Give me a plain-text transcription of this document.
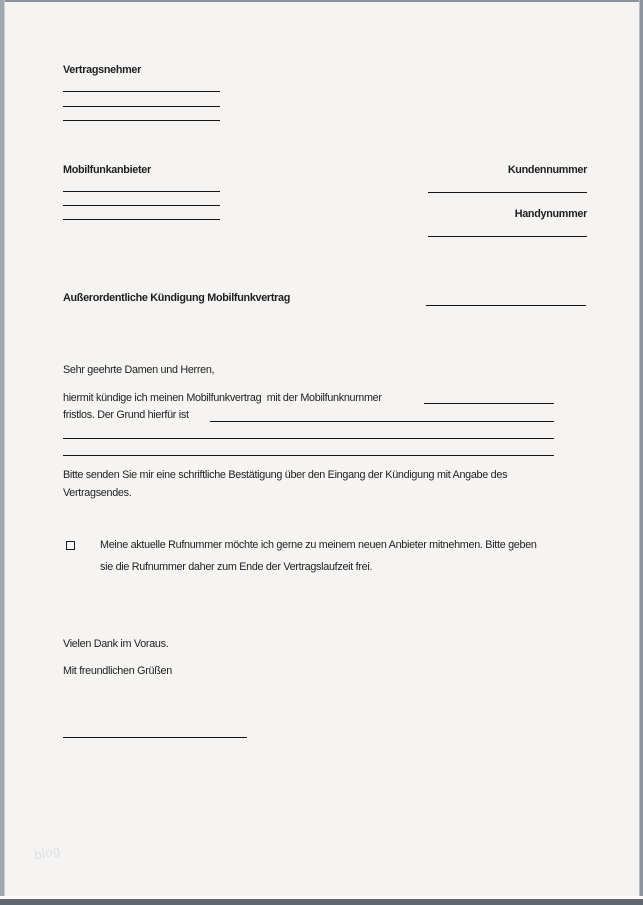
Vertragsnehmer
Mobilfunkanbieter	Kundennummer
Handynummer
Außerordentliche Kündigung Mobilfunkvertrag
Sehr geehrte Damen und Herren,
hiermit kündige ich meinen Mobilfunkvertrag  mit der Mobilfunknummer
fristlos. Der Grund hierfür ist
Bitte senden Sie mir eine schriftliche Bestätigung über den Eingang der Kündigung mit Angabe des
Vertragsendes.
Meine aktuelle Rufnummer möchte ich gerne zu meinem neuen Anbieter mitnehmen. Bitte geben
sie die Rufnummer daher zum Ende der Vertragslaufzeit frei.
Vielen Dank im Voraus.
Mit freundlichen Grüßen
blog
